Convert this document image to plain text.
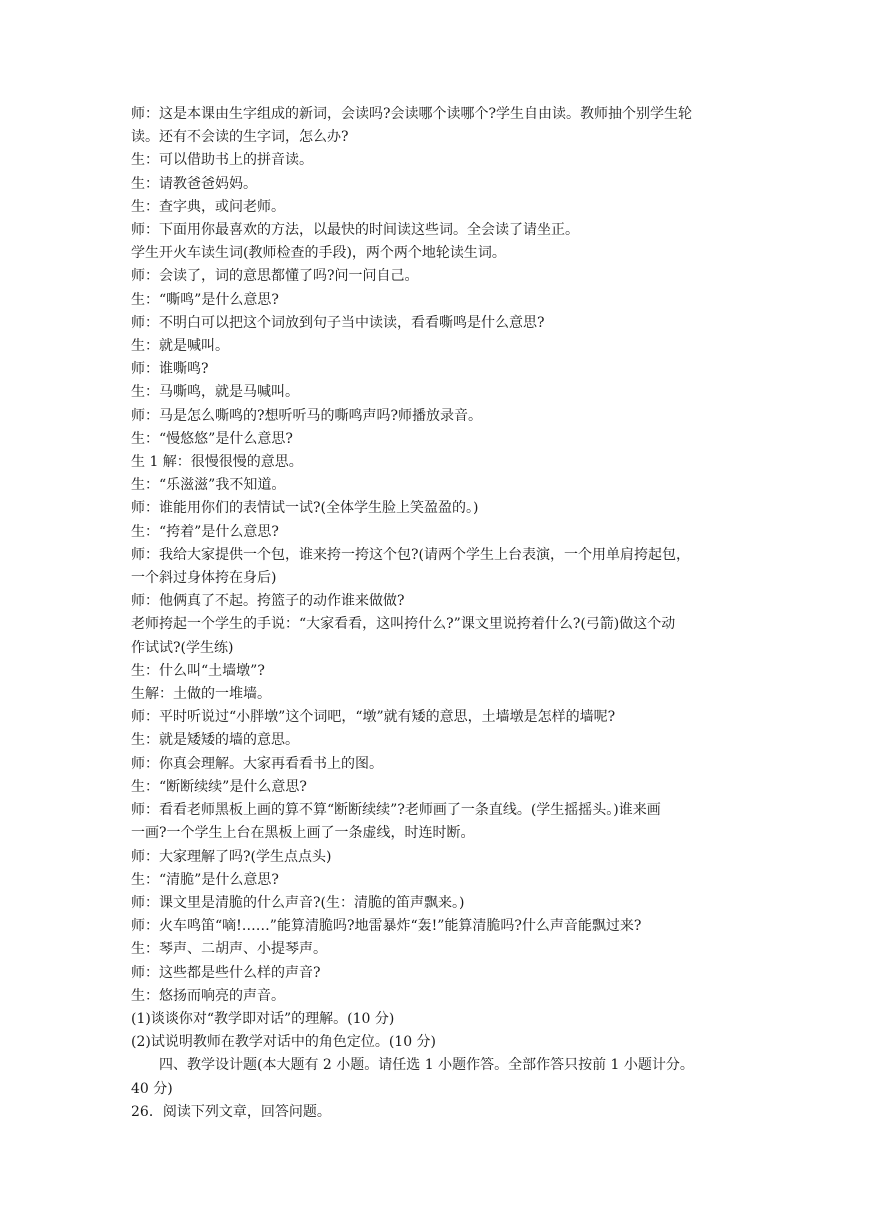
师：这是本课由生字组成的新词，会读吗?会读哪个读哪个?学生自由读。教师抽个别学生轮
读。还有不会读的生字词，怎么办?
生：可以借助书上的拼音读。
生：请教爸爸妈妈。
生：查字典，或问老师。
师：下面用你最喜欢的方法，以最快的时间读这些词。全会读了请坐正。
学生开火车读生词(教师检查的手段)，两个两个地轮读生词。
师：会读了，词的意思都懂了吗?问一问自己。
生：“嘶鸣”是什么意思?
师：不明白可以把这个词放到句子当中读读，看看嘶鸣是什么意思?
生：就是喊叫。
师：谁嘶鸣?
生：马嘶鸣，就是马喊叫。
师：马是怎么嘶鸣的?想听听马的嘶鸣声吗?师播放录音。
生：“慢悠悠”是什么意思?
生 1 解：很慢很慢的意思。
生：“乐滋滋”我不知道。
师：谁能用你们的表情试一试?(全体学生脸上笑盈盈的。)
生：“挎着”是什么意思?
师：我给大家提供一个包，谁来挎一挎这个包?(请两个学生上台表演，一个用单肩挎起包，
一个斜过身体挎在身后)
师：他俩真了不起。挎篮子的动作谁来做做?
老师挎起一个学生的手说：“大家看看，这叫挎什么?”课文里说挎着什么?(弓箭)做这个动
作试试?(学生练)
生：什么叫“土墙墩”?
生解：土做的一堆墙。
师：平时听说过“小胖墩”这个词吧，“墩”就有矮的意思，土墙墩是怎样的墙呢?
生：就是矮矮的墙的意思。
师：你真会理解。大家再看看书上的图。
生：“断断续续”是什么意思?
师：看看老师黑板上画的算不算“断断续续”?老师画了一条直线。(学生摇摇头。)谁来画
一画?一个学生上台在黑板上画了一条虚线，时连时断。
师：大家理解了吗?(学生点点头)
生：“清脆”是什么意思?
师：课文里是清脆的什么声音?(生：清脆的笛声飘来。)
师：火车鸣笛“嘀!……”能算清脆吗?地雷暴炸“轰!”能算清脆吗?什么声音能飘过来?
生：琴声、二胡声、小提琴声。
师：这些都是些什么样的声音?
生：悠扬而响亮的声音。
(1)谈谈你对“教学即对话”的理解。(10 分)
(2)试说明教师在教学对话中的角色定位。(10 分)
四、教学设计题(本大题有 2 小题。请任选 1 小题作答。全部作答只按前 1 小题计分。
40 分)
26．阅读下列文章，回答问题。
